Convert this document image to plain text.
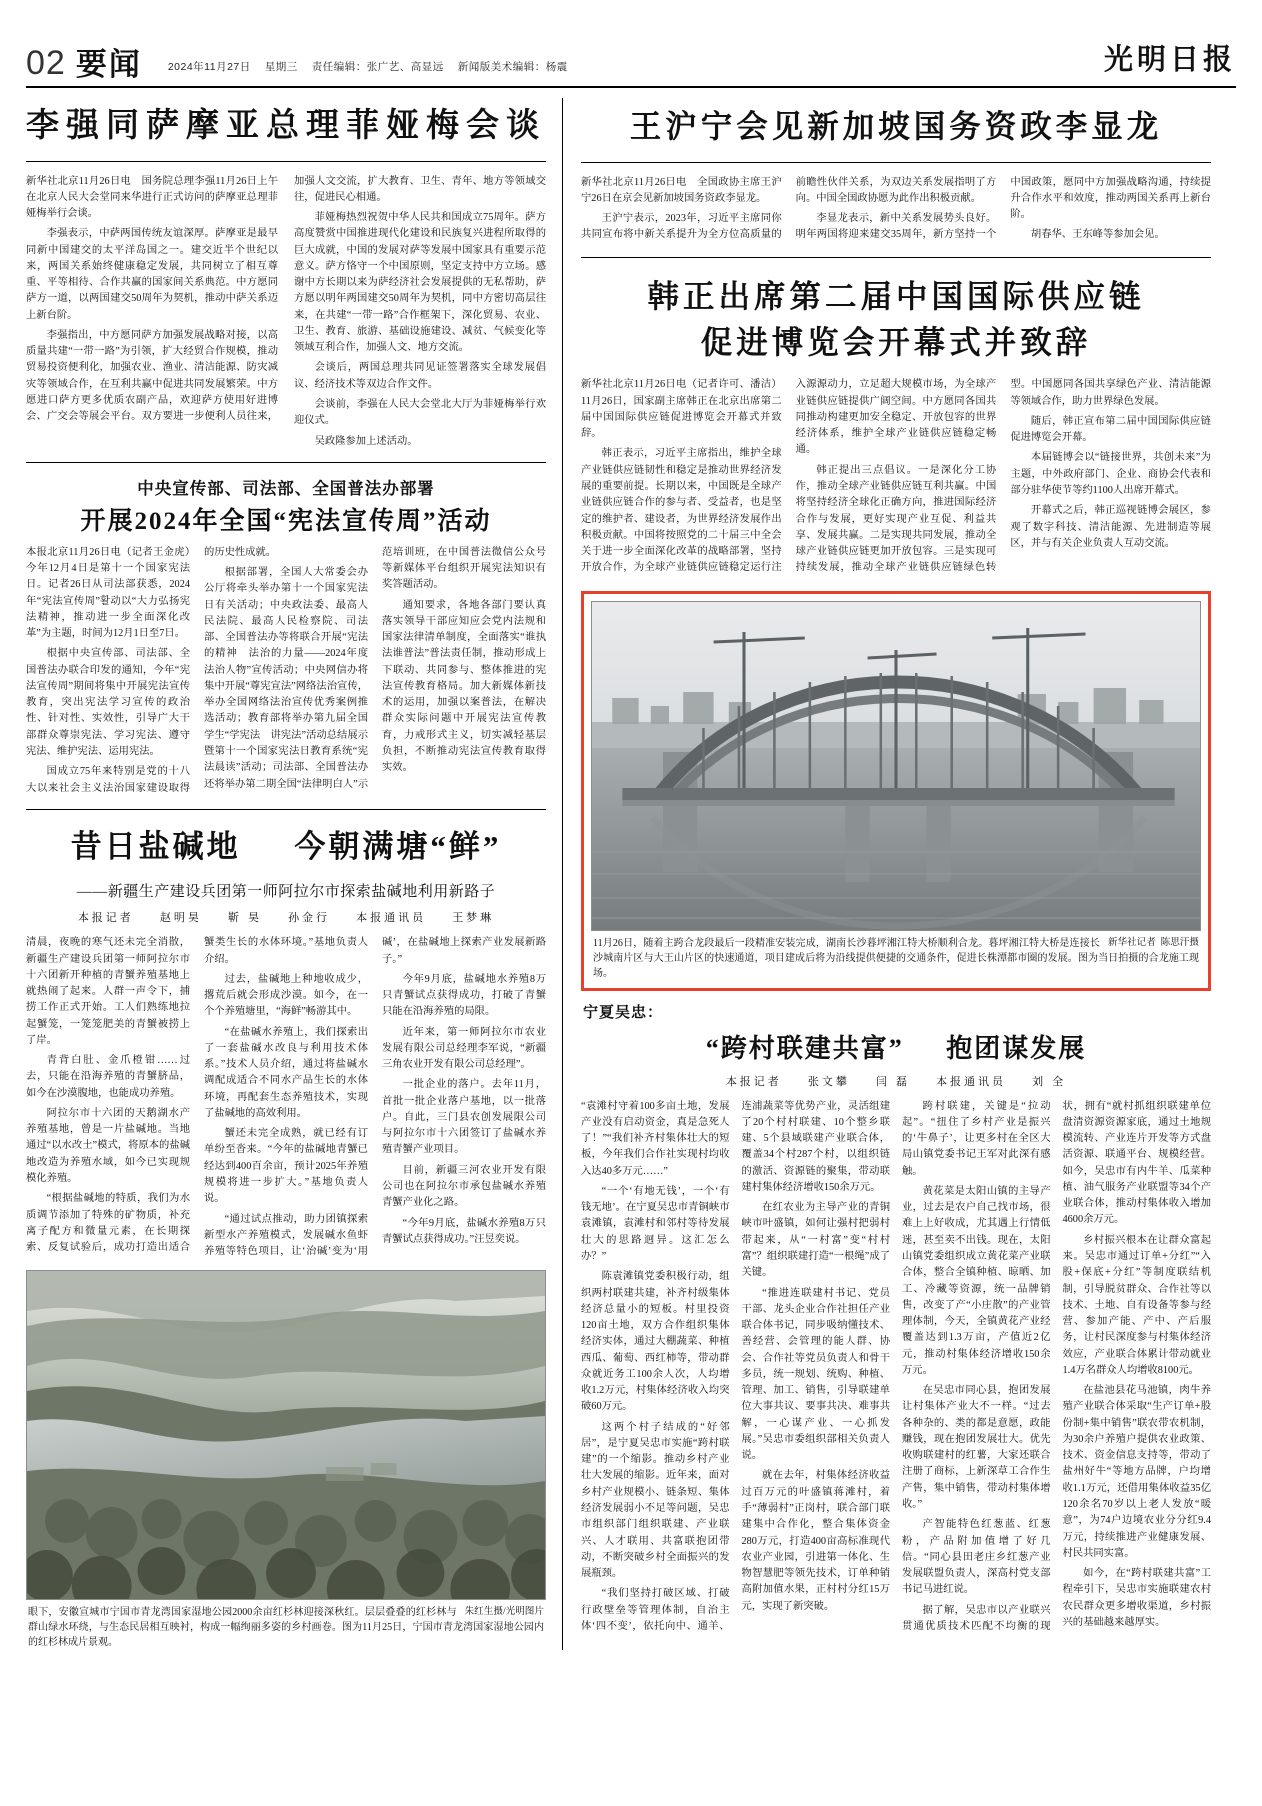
02 要闻 2024年11月27日 星期三 责任编辑：张广艺、高显远 新闻版美术编辑：杨震	光明日报
李强同萨摩亚总理菲娅梅会谈

新华社北京11月26日电　国务院总理李强11月26日上午在北京人民大会堂同来华进行正式访问的萨摩亚总理菲娅梅举行会谈。

李强表示，中萨两国传统友谊深厚。萨摩亚是最早同新中国建交的太平洋岛国之一。建交近半个世纪以来，两国关系始终健康稳定发展，共同树立了相互尊重、平等相待、合作共赢的国家间关系典范。中方愿同萨方一道，以两国建交50周年为契机，推动中萨关系迈上新台阶。

李强指出，中方愿同萨方加强发展战略对接，以高质量共建“一带一路”为引领，扩大经贸合作规模，推动贸易投资便利化，加强农业、渔业、清洁能源、防灾减灾等领域合作，在互利共赢中促进共同发展繁荣。中方愿进口萨方更多优质农副产品，欢迎萨方使用好进博会、广交会等展会平台。双方要进一步便利人员往来，加强人文交流，扩大教育、卫生、青年、地方等领域交往，促进民心相通。

菲娅梅热烈祝贺中华人民共和国成立75周年。萨方高度赞赏中国推进现代化建设和民族复兴进程所取得的巨大成就，中国的发展对萨等发展中国家具有重要示范意义。萨方恪守一个中国原则，坚定支持中方立场。感谢中方长期以来为萨经济社会发展提供的无私帮助，萨方愿以明年两国建交50周年为契机，同中方密切高层往来，在共建“一带一路”合作框架下，深化贸易、农业、卫生、教育、旅游、基础设施建设、减贫、气候变化等领域互利合作，加强人文、地方交流。

会谈后，两国总理共同见证签署落实全球发展倡议、经济技术等双边合作文件。

会谈前，李强在人民大会堂北大厅为菲娅梅举行欢迎仪式。

吴政隆参加上述活动。

中央宣传部、司法部、全国普法办部署
开展2024年全国“宪法宣传周”活动

本报北京11月26日电（记者王金虎）今年12月4日是第十一个国家宪法日。记者26日从司法部获悉，2024年“宪法宣传周”활动以“大力弘扬宪法精神，推动进一步全面深化改革”为主题，时间为12月1日至7日。

根据中央宣传部、司法部、全国普法办联合印发的通知，今年“宪法宣传周”期间将集中开展宪法宣传教育，突出宪法学习宣传的政治性、针对性、实效性，引导广大干部群众尊崇宪法、学习宪法、遵守宪法、维护宪法、运用宪法。

国成立75年来特别是党的十八大以来社会主义法治国家建设取得的历史性成就。

根据部署，全国人大常委会办公厅将牵头举办第十一个国家宪法日有关活动；中央政法委、最高人民法院、最高人民检察院、司法部、全国普法办等将联合开展“宪法的精神　法治的力量——2024年度法治人物”宣传活动；中央网信办将集中开展“尊宪宣法”网络法治宣传，举办全国网络法治宣传优秀案例推选活动；教育部将举办第九届全国学生“学宪法　讲宪法”活动总结展示暨第十一个国家宪法日教育系统“宪法晨读”活动；司法部、全国普法办还将举办第二期全国“法律明白人”示范培训班，在中国普法微信公众号等新媒体平台组织开展宪法知识有奖答题活动。

通知要求，各地各部门要认真落实领导干部应知应会党内法规和国家法律清单制度，全面落实“谁执法谁普法”普法责任制，推动形成上下联动、共同参与、整体推进的宪法宣传教育格局。加大新媒体新技术的运用，加强以案普法，在解决群众实际问题中开展宪法宣传教育，力戒形式主义，切实减轻基层负担，不断推动宪法宣传教育取得实效。

昔日盐碱地 今朝满塘“鲜”
——新疆生产建设兵团第一师阿拉尔市探索盐碱地利用新路子
本报记者 赵明昊 靳 昊 孙金行 本报通讯员 王梦琳

清晨，夜晚的寒气还未完全消散，新疆生产建设兵团第一师阿拉尔市十六团新开种植的青蟹养殖基地上就热闹了起来。人群一声令下，捕捞工作正式开始。工人们熟练地拉起蟹笼，一笼笼肥美的青蟹被捞上了岸。

青背白肚、金爪橙钳……过去，只能在沿海养殖的青蟹脐品，如今在沙漠腹地，也能成功养殖。

阿拉尔市十六团的天鹅湖水产养殖基地，曾是一片盐碱地。当地通过“以水改土”模式，将原本的盐碱地改造为养殖水域，如今已实现规模化养殖。

“根据盐碱地的特质，我们为水质调节添加了特殊的矿物质，补充离子配方和微量元素，在长期探索、反复试验后，成功打造出适合蟹类生长的水体环境。”基地负责人介绍。

过去，盐碱地上种地收成少，撂荒后就会形成沙漠。如今，在一个个养殖塘里，“海鲜”畅游其中。

“在盐碱水养殖上，我们探索出了一套盐碱水改良与利用技术体系。”技术人员介绍，通过将盐碱水调配成适合不同水产品生长的水体环境，再配套生态养殖技术，实现了盐碱地的高效利用。

蟹还未完全成熟，就已经有订单纷至沓来。“今年的盐碱地青蟹已经达到400百余亩，预计2025年养殖规模将进一步扩大。”基地负责人说。

“通过试点推动，助力团镇探索新型水产养殖模式，发展碱水鱼虾养殖等特色项目，让‘治碱’变为‘用碱’，在盐碱地上探索产业发展新路子。”

今年9月底，盐碱地水养殖8万只青蟹试点获得成功，打破了青蟹只能在沿海养殖的局限。

近年来，第一师阿拉尔市农业发展有限公司总经理李军说，“新疆三角农业开发有限公司总经理”。

一批企业的落户。去年11月，首批一批企业落户基地，以一批落户。自此，三门县农创发展限公司与阿拉尔市十六团签订了盐碱水养殖青蟹产业项目。

目前，新疆三河农业开发有限公司也在阿拉尔市承包盐碱水养殖青蟹产业化之路。

“今年9月底，盐碱水养殖8万只青蟹试点获得成功。”汪昱奕说。

朱红生摄/光明图片
眼下，安徽宣城市宁国市青龙湾国家湿地公园2000余亩红杉林迎接深秋红。层层叠叠的红杉林与群山绿水环绕，与生态民居相互映衬，构成一幅绚丽多姿的乡村画卷。图为11月25日，宁国市青龙湾国家湿地公园内的红杉林成片景观。
王沪宁会见新加坡国务资政李显龙

新华社北京11月26日电　全国政协主席王沪宁26日在京会见新加坡国务资政李显龙。

王沪宁表示，2023年，习近平主席同你共同宣布将中新关系提升为全方位高质量的前瞻性伙伴关系，为双边关系发展指明了方向。中国全国政协愿为此作出积极贡献。

李显龙表示，新中关系发展势头良好。明年两国将迎来建交35周年，新方坚持一个中国政策，愿同中方加强战略沟通，持续提升合作水平和效度，推动两国关系再上新台阶。

胡春华、王东峰等参加会见。

韩正出席第二届中国国际供应链
促进博览会开幕式并致辞

新华社北京11月26日电（记者许可、潘洁）11月26日，国家副主席韩正在北京出席第二届中国国际供应链促进博览会开幕式并致辞。

韩正表示，习近平主席指出，维护全球产业链供应链韧性和稳定是推动世界经济发展的重要前提。长期以来，中国既是全球产业链供应链合作的参与者、受益者，也是坚定的维护者、建设者，为世界经济发展作出积极贡献。中国将按照党的二十届三中全会关于进一步全面深化改革的战略部署，坚持开放合作，为全球产业链供应链稳定运行注入源源动力，立足超大规模市场，为全球产业链供应链提供广阔空间。中方愿同各国共同推动构建更加安全稳定、开放包容的世界经济体系，维护全球产业链供应链稳定畅通。

韩正提出三点倡议。一是深化分工协作，推动全球产业链供应链互利共赢。中国将坚持经济全球化正确方向，推进国际经济合作与发展，更好实现产业互促、利益共享、发展共赢。二是实现共同发展，推动全球产业链供应链更加开放包容。三是实现可持续发展，推动全球产业链供应链绿色转型。中国愿同各国共享绿色产业、清洁能源等领域合作，助力世界绿色发展。

随后，韩正宣布第二届中国国际供应链促进博览会开幕。

本届链博会以“链接世界，共创未来”为主题，中外政府部门、企业、商协会代表和部分驻华使节等约1100人出席开幕式。

开幕式之后，韩正巡视链博会展区，参观了数字科技、清洁能源、先进制造等展区，并与有关企业负责人互动交流。

新华社记者 陈思汗摄
11月26日，随着主跨合龙段最后一段精准安装完成，湖南长沙暮坪湘江特大桥顺利合龙。暮坪湘江特大桥是连接长沙城南片区与大王山片区的快速通道，项目建成后将为沿线提供便捷的交通条件，促进长株潭都市圈的发展。图为当日拍摄的合龙施工现场。
宁夏吴忠：
“跨村联建共富” 抱团谋发展
本报记者 张文攀 闫 磊 本报通讯员 刘 全

“袁滩村守着100多亩土地，发展产业没有启动资金，真是急死人了！”“我们补齐村集体壮大的短板，今年我们合作社实现村均收入达40多万元……”

“一个‘有地无钱’，一个‘有钱无地’。在宁夏吴忠市青铜峡市袁滩镇，袁滩村和邻村等待发展壮大的思路迥异。这汇怎么办？”

陈袁滩镇党委积极行动，组织两村联建共建，补齐村级集体经济总量小的短板。村里投资120亩土地，双方合作组织集体经济实体，通过大棚蔬菜、种植西瓜、葡萄、西红柿等，带动群众就近务工100余人次，人均增收1.2万元，村集体经济收入均突破60万元。

这两个村子结成的“好邻居”，是宁夏吴忠市实施“跨村联建”的一个缩影。推动乡村产业壮大发展的缩影。近年来，面对乡村产业规模小、链条短、集体经济发展弱小不足等问题，吴忠市组织部门组织联建、产业联兴、人才联用、共富联抱团带动，不断突破乡村全面振兴的发展瓶颈。

“我们坚持打破区域、打破行政壁垒等管理体制，自治主体‘四不变’，依托向中、通羊、连浦蔬菜等优势产业，灵活组建了20个村村联建、10个整乡联建、5个县域联建产业联合体，覆盖34个村287个村，以组织链的激活、资源链的聚集，带动联建村集体经济增收150余万元。

在红农业为主导产业的青铜峡市叶盛镇，如何让强村把弱村带起来，从“一村富”变“村村富”？组织联建打造“一根绳”成了关键。

“推进连联建村书记、党员干部、龙头企业合作社担任产业联合体书记，同步吸纳懂技术、善经营、会管理的能人群、协会、合作社等党员负责人和骨干多员，统一规划、统购、种植、管理、加工、销售，引导联建单位大事共议、要事共决、难事共解，一心谋产业、一心抓发展。”吴忠市委组织部相关负责人说。

就在去年，村集体经济收益过百万元的叶盛镇蒋滩村，着手“薄弱村”正岗村，联合部门联建集中合作化，整合集体资金280万元，打造400亩高标准现代农业产业园，引进第一体化、生物智慧肥等领先技术，订单种销高附加值水果，正村村分红15万元，实现了新突破。

跨村联建，关键是“拉动起”。“扭住了乡村产业是振兴的‘牛鼻子’，让更多村在全区大局山镇党委书记王军对此深有感触。

黄花菜是太阳山镇的主导产业，过去是农户自己找市场，很难上上好收成，尤其遇上行情低迷，甚至卖不出钱。现在，太阳山镇党委组织成立黄花菜产业联合体，整合全镇种植、晾晒、加工、冷藏等资源，统一品牌销售，改变了产“小庄散”的产业管理体制，今天，全镇黄花产业经覆盖达到1.3万亩，产值近2亿元，推动村集体经济增收150余万元。

在吴忠市同心县，抱团发展让村集体产业大不一样。“过去各种杂的、类的都是意愿，政能赚钱，现在抱团发展壮大。优先收购联建村的红薯，大家还联合注册了商标，上新深草工合作生产售，集中销售，带动村集体增收。”

产智能特色红葱蓝、红葱粉，产品附加值增了好几倍。“同心县田老庄乡红葱产业发展联盟负责人，深高村党支部书记马进红说。

据了解，吴忠市以产业联兴贯通优质技术匹配不均衡的现状，拥有“就村抓组织联建单位盘清资源资源家底，通过土地规模流转、产业连片开发等方式盘活资源、联通平台、规模经营。如今，吴忠市有内牛羊、瓜菜种植、油气服务产业联盟等34个产业联合体，推动村集体收入增加4600余万元。

乡村振兴根本在让群众富起来。吴忠市通过订单+分红”“入股+保底+分红”等制度联结机制，引导脱贫群众、合作社等以技术、土地、自有设备等参与经营、参加产能、产中、产后服务，让村民深度参与村集体经济效应，产业联合体累计带动就业1.4万名群众人均增收8100元。

在盐池县花马池镇，肉牛养殖产业联合体采取“生产订单+股份制+集中销售”联农带农机制，为30余户养殖户提供农业政策、技术、资金信息支持等，带动了盐州好牛“等地方品牌，户均增收1.1万元，还借用集体收益35亿120余名70岁以上老人发放“暖意”，为74户边境农业分分红9.4万元，持续推进产业健康发展、村民共同实富。

如今，在“跨村联建共富”工程牵引下，吴忠市实施联建农村农民群众更多增收渠道，乡村振兴的基础越来越厚实。
